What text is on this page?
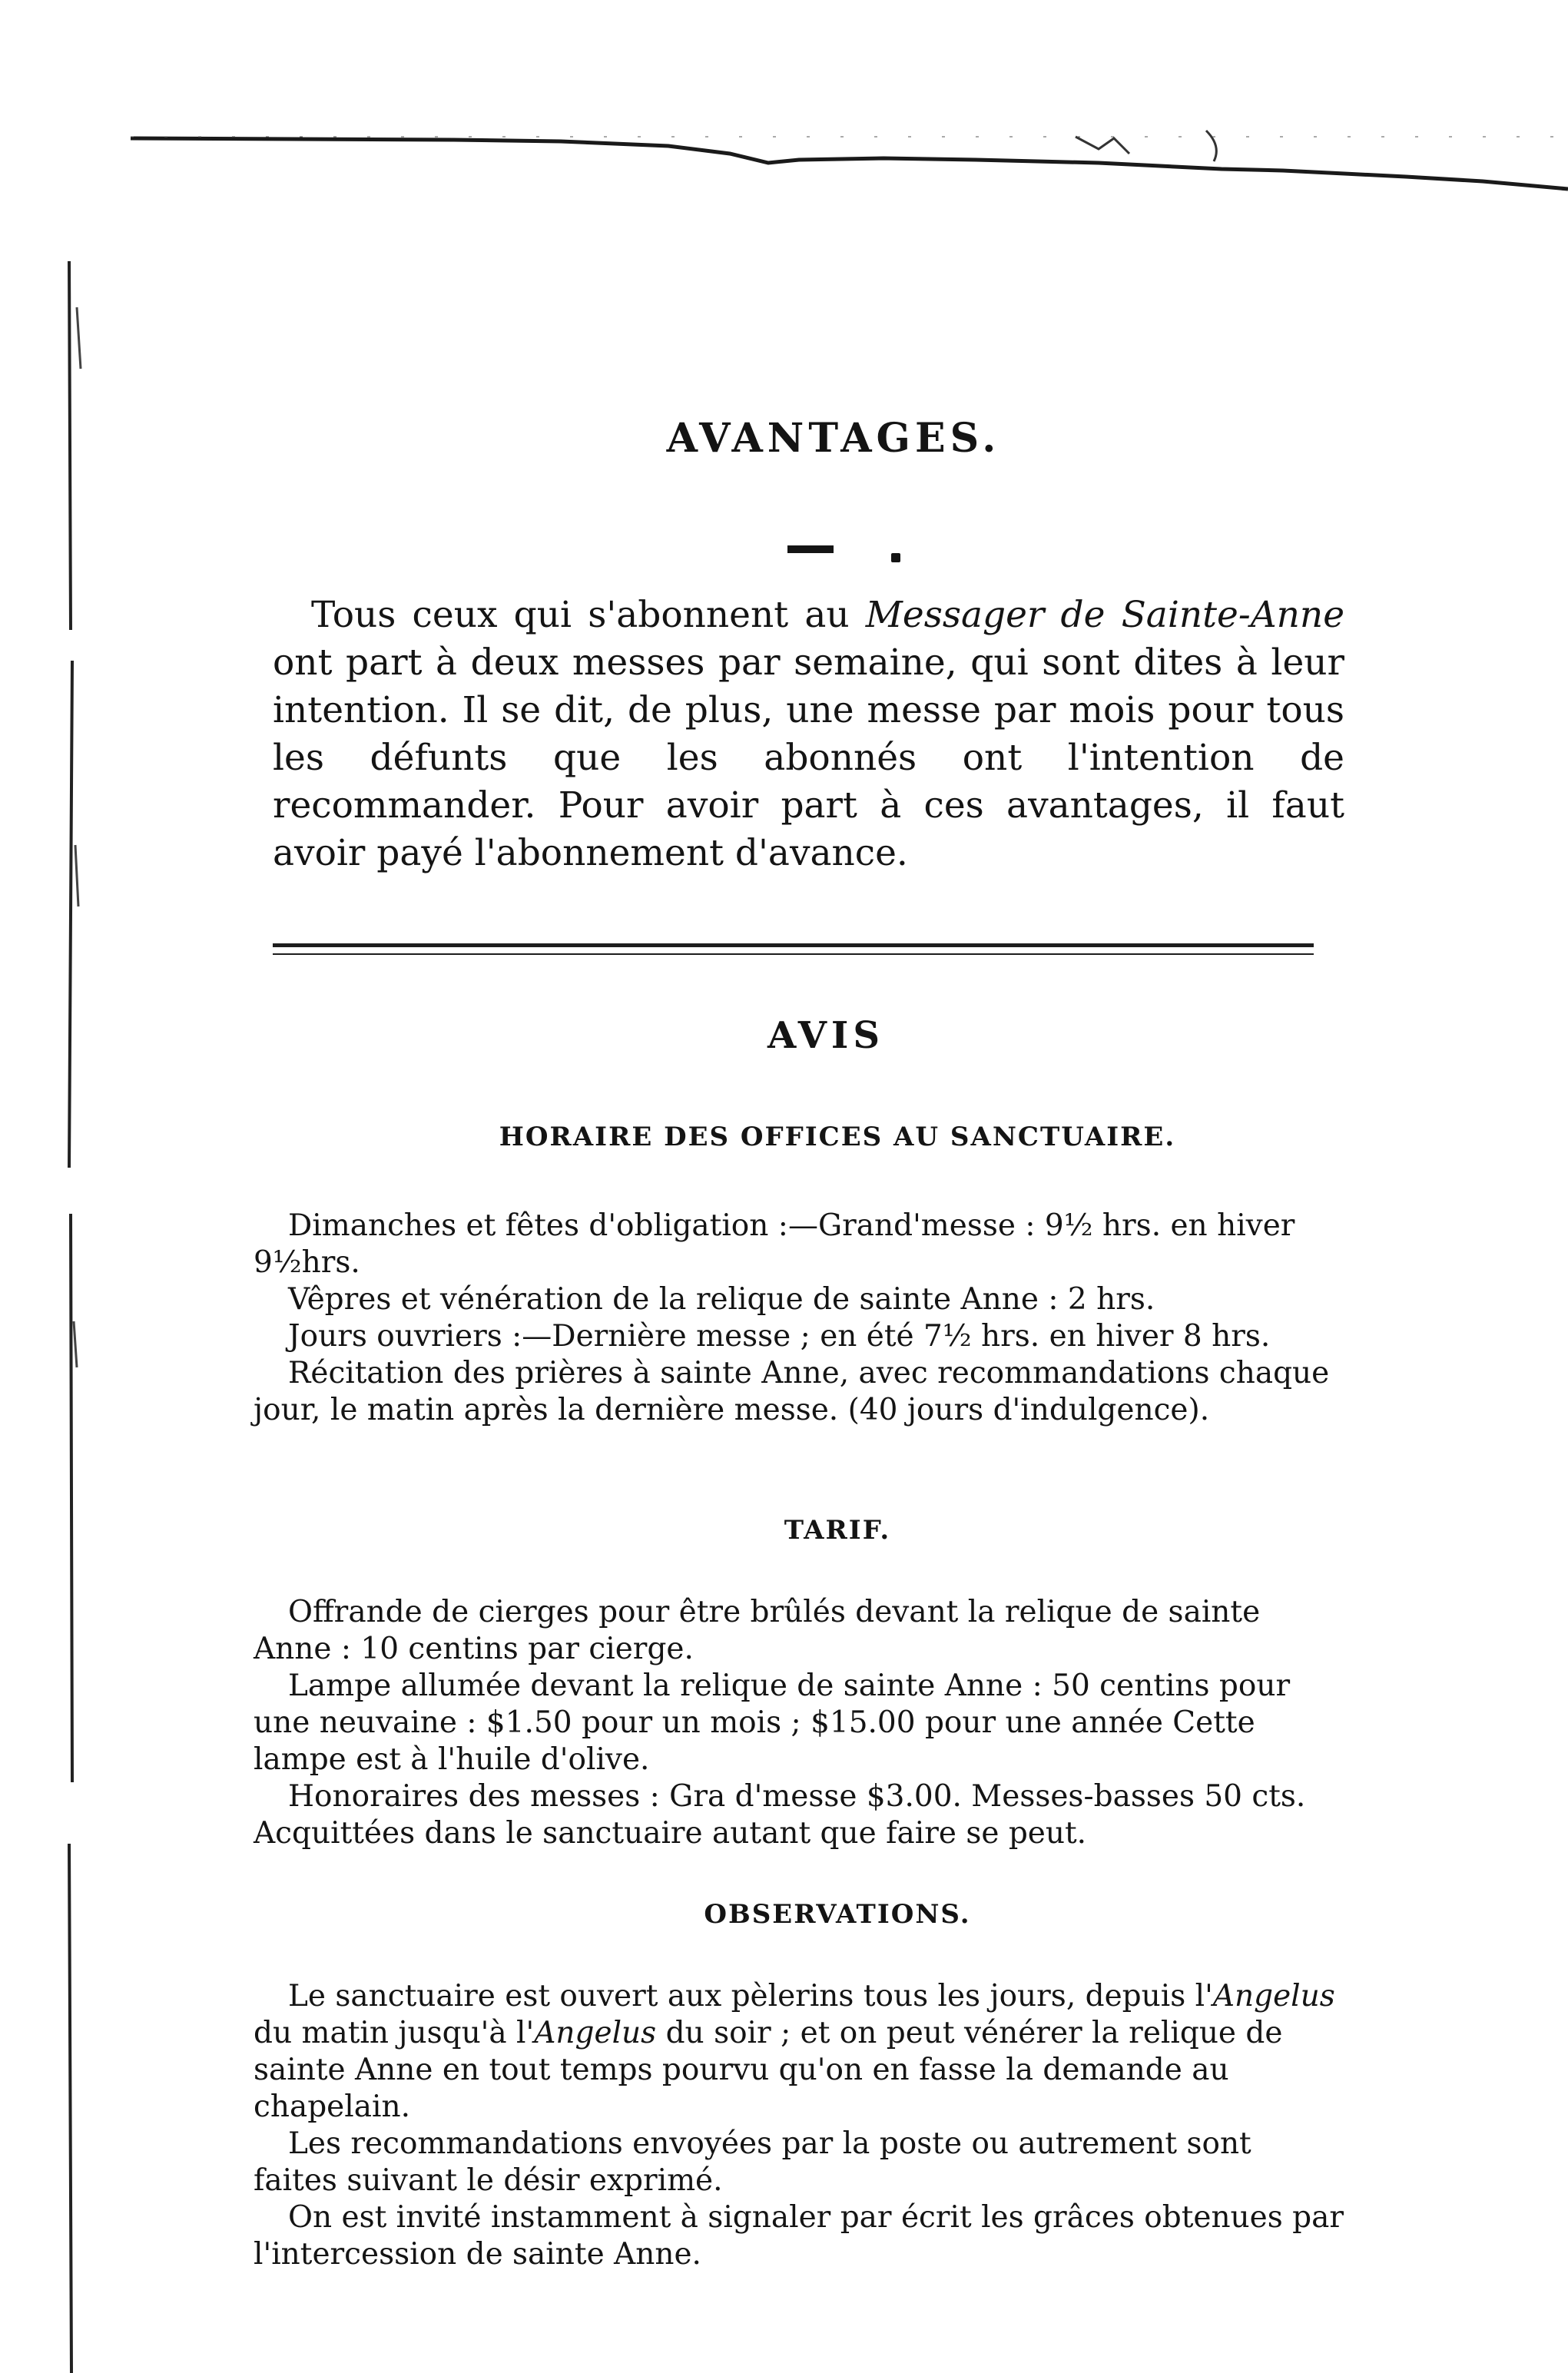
AVANTAGES.

Tous ceux qui s'abonnent au Messager de Sainte-Anne ont part à deux messes par semaine, qui sont dites à leur intention. Il se dit, de plus, une messe par mois pour tous les défunts que les abonnés ont l'intention de recommander. Pour avoir part à ces avantages, il faut avoir payé l'abonnement d'avance.

AVIS
HORAIRE DES OFFICES AU SANCTUAIRE.

Dimanches et fêtes d'obligation :—Grand'messe : 9½ hrs. en hiver 9½hrs.

Vêpres et vénération de la relique de sainte Anne : 2 hrs.

Jours ouvriers :—Dernière messe ; en été 7½ hrs. en hiver 8 hrs.

Récitation des prières à sainte Anne, avec recommandations chaque jour, le matin après la dernière messe. (40 jours d'indulgence).

TARIF.

Offrande de cierges pour être brûlés devant la relique de sainte Anne : 10 centins par cierge.

Lampe allumée devant la relique de sainte Anne : 50 centins pour une neuvaine : $1.50 pour un mois ; $15.00 pour une année Cette lampe est à l'huile d'olive.

Honoraires des messes : Gra d'messe $3.00. Messes-basses 50 cts. Acquittées dans le sanctuaire autant que faire se peut.

OBSERVATIONS.

Le sanctuaire est ouvert aux pèlerins tous les jours, depuis l'Angelus du matin jusqu'à l'Angelus du soir ; et on peut vénérer la relique de sainte Anne en tout temps pourvu qu'on en fasse la demande au chapelain.

Les recommandations envoyées par la poste ou autrement sont faites suivant le désir exprimé.

On est invité instamment à signaler par écrit les grâces obtenues par l'intercession de sainte Anne.
